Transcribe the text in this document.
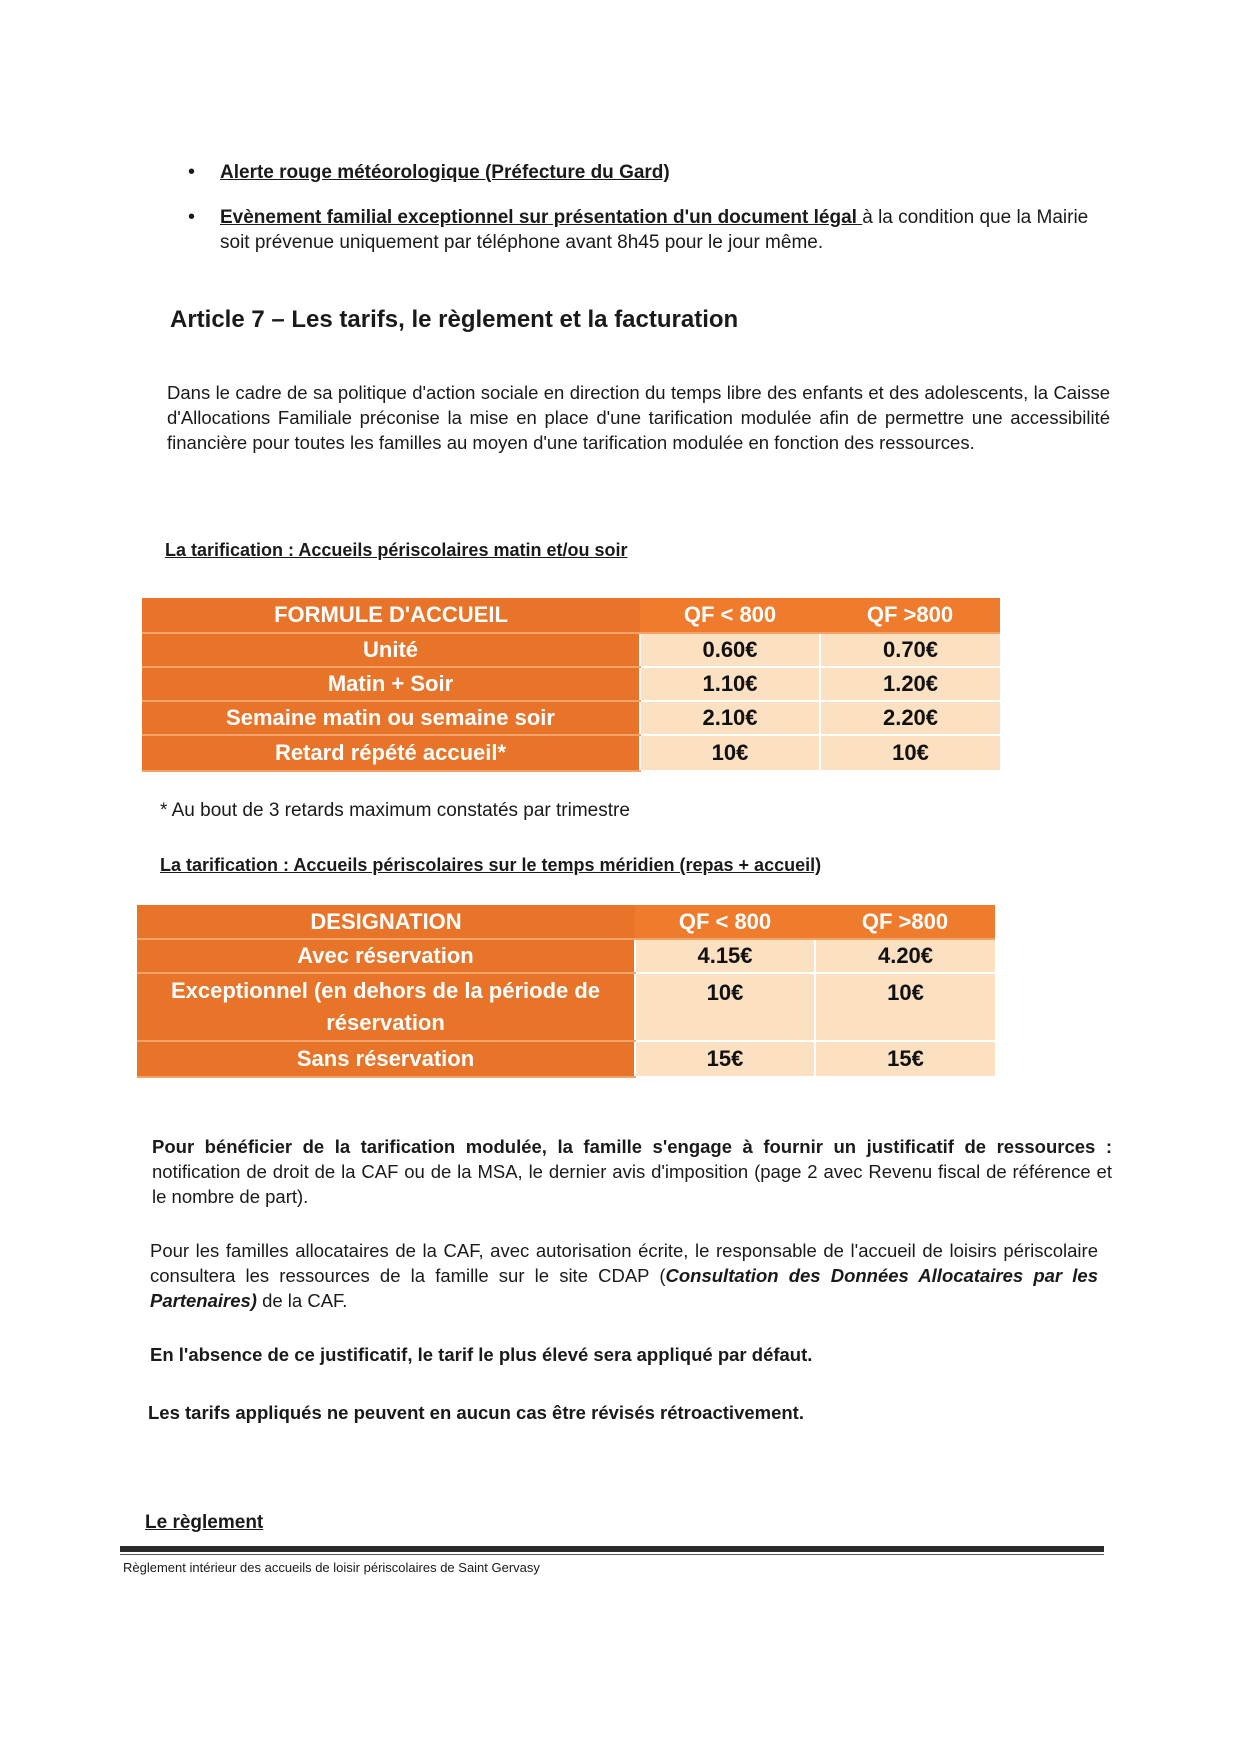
• Alerte rouge météorologique (Préfecture du Gard)
• Evènement familial exceptionnel sur présentation d'un document légal à la condition que la Mairie soit prévenue uniquement par téléphone avant 8h45 pour le jour même.
Article 7 – Les tarifs, le règlement et la facturation

Dans le cadre de sa politique d'action sociale en direction du temps libre des enfants et des adolescents, la Caisse d'Allocations Familiale préconise la mise en place d'une tarification modulée afin de permettre une accessibilité financière pour toutes les familles au moyen d'une tarification modulée en fonction des ressources.

La tarification : Accueils périscolaires matin et/ou soir

FORMULE D'ACCUEIL	QF < 800	QF >800
Unité	0.60€	0.70€
Matin + Soir	1.10€	1.20€
Semaine matin ou semaine soir	2.10€	2.20€
Retard répété accueil*	10€	10€

* Au bout de 3 retards maximum constatés par trimestre

La tarification : Accueils périscolaires sur le temps méridien (repas + accueil)

DESIGNATION	QF < 800	QF >800
Avec réservation	4.15€	4.20€
Exceptionnel (en dehors de la période de réservation	10€	10€
Sans réservation	15€	15€

Pour bénéficier de la tarification modulée, la famille s'engage à fournir un justificatif de ressources : notification de droit de la CAF ou de la MSA, le dernier avis d'imposition (page 2 avec Revenu fiscal de référence et le nombre de part).

Pour les familles allocataires de la CAF, avec autorisation écrite, le responsable de l'accueil de loisirs périscolaire consultera les ressources de la famille sur le site CDAP (Consultation des Données Allocataires par les Partenaires) de la CAF.

En l'absence de ce justificatif, le tarif le plus élevé sera appliqué par défaut.

Les tarifs appliqués ne peuvent en aucun cas être révisés rétroactivement.

Le règlement

Règlement intérieur des accueils de loisir périscolaires de Saint Gervasy
